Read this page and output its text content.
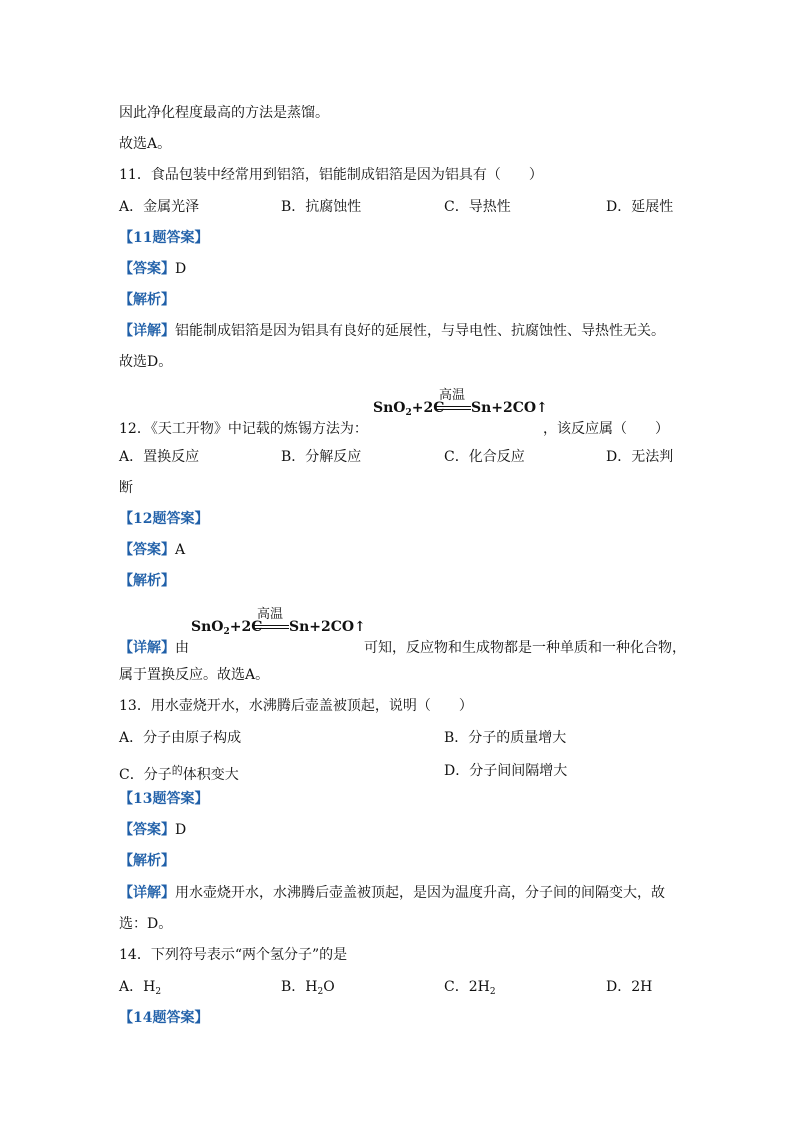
因此净化程度最高的方法是蒸馏。
故选A。
11．食品包装中经常用到铝箔，铝能制成铝箔是因为铝具有（　　）
A．金属光泽	B．抗腐蚀性	C．导热性	D．延展性
【11题答案】
【答案】D
【解析】
【详解】铝能制成铝箔是因为铝具有良好的延展性，与导电性、抗腐蚀性、导热性无关。
故选D。
高温
SnO$_2$+2C Sn+2CO↑
12．《天工开物》中记载的炼锡方法为：	，该反应属（　　）
A．置换反应	B．分解反应	C．化合反应	D．无法判
断
【12题答案】
【答案】A
【解析】
高温
SnO$_2$+2C Sn+2CO↑
【详解】由	可知，反应物和生成物都是一种单质和一种化合物，
属于置换反应。故选A。
13．用水壶烧开水，水沸腾后壶盖被顶起，说明（　　）
A．分子由原子构成	B．分子的质量增大
C．分子$^的$体积变大	D．分子间间隔增大
【13题答案】
【答案】D
【解析】
【详解】用水壶烧开水，水沸腾后壶盖被顶起，是因为温度升高，分子间的间隔变大，故
选：D。
14．下列符号表示“两个氢分子”的是
A．$H_2$	B．$H_2O$	C．$2H_2$	D．2H
【14题答案】
